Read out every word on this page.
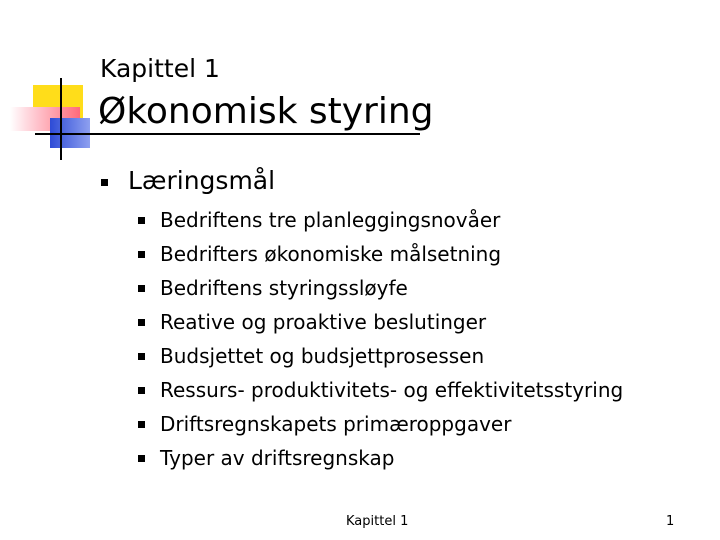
Kapittel 1
Økonomisk styring
Læringsmål
Bedriftens tre planleggingsnovåer
Bedrifters økonomiske målsetning
Bedriftens styringssløyfe
Reative og proaktive beslutinger
Budsjettet og budsjettprosessen
Ressurs- produktivitets- og effektivitetsstyring
Driftsregnskapets primæroppgaver
Typer av driftsregnskap
Kapittel 1	1
